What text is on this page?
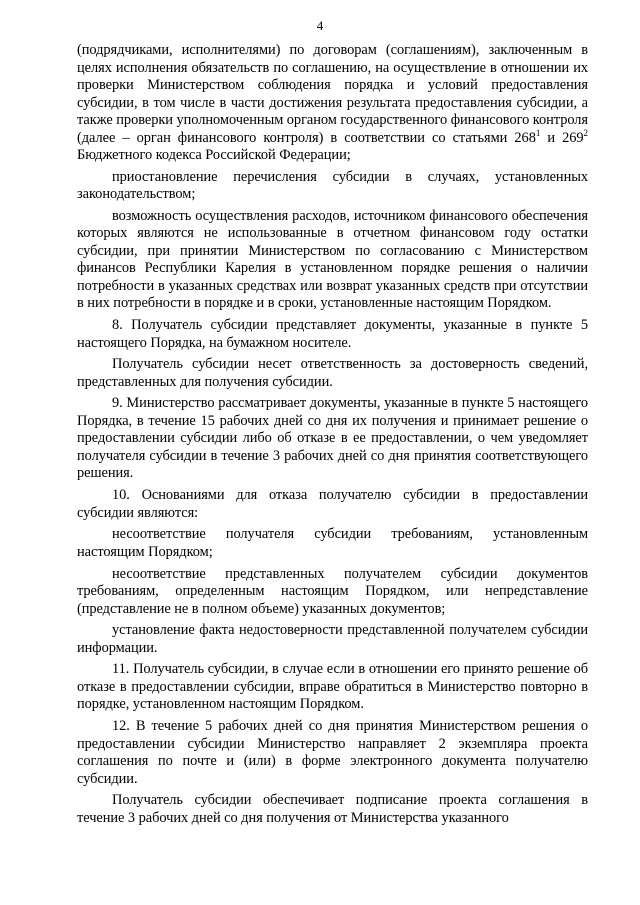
4

(подрядчиками, исполнителями) по договорам (соглашениям), заключенным в целях исполнения обязательств по соглашению, на осуществление в отношении их проверки Министерством соблюдения порядка и условий предоставления субсидии, в том числе в части достижения результата предоставления субсидии, а также проверки уполномоченным органом государственного финансового контроля (далее – орган финансового контроля) в соответствии со статьями $268^1$ и $269^2$ Бюджетного кодекса Российской Федерации;

приостановление перечисления субсидии в случаях, установленных законодательством;

возможность осуществления расходов, источником финансового обеспечения которых являются не использованные в отчетном финансовом году остатки субсидии, при принятии Министерством по согласованию с Министерством финансов Республики Карелия в установленном порядке решения о наличии потребности в указанных средствах или возврат указанных средств при отсутствии в них потребности в порядке и в сроки, установленные настоящим Порядком.

8. Получатель субсидии представляет документы, указанные в пункте 5 настоящего Порядка, на бумажном носителе.

Получатель субсидии несет ответственность за достоверность сведений, представленных для получения субсидии.

9. Министерство рассматривает документы, указанные в пункте 5 настоящего Порядка, в течение 15 рабочих дней со дня их получения и принимает решение о предоставлении субсидии либо об отказе в ее предоставлении, о чем уведомляет получателя субсидии в течение 3 рабочих дней со дня принятия соответствующего решения.

10. Основаниями для отказа получателю субсидии в предоставлении субсидии являются:

несоответствие получателя субсидии требованиям, установленным настоящим Порядком;

несоответствие представленных получателем субсидии документов требованиям, определенным настоящим Порядком, или непредставление (представление не в полном объеме) указанных документов;

установление факта недостоверности представленной получателем субсидии информации.

11. Получатель субсидии, в случае если в отношении его принято решение об отказе в предоставлении субсидии, вправе обратиться в Министерство повторно в порядке, установленном настоящим Порядком.

12. В течение 5 рабочих дней со дня принятия Министерством решения о предоставлении субсидии Министерство направляет 2 экземпляра проекта соглашения по почте и (или) в форме электронного документа получателю субсидии.

Получатель субсидии обеспечивает подписание проекта соглашения в течение 3 рабочих дней со дня получения от Министерства указанного
